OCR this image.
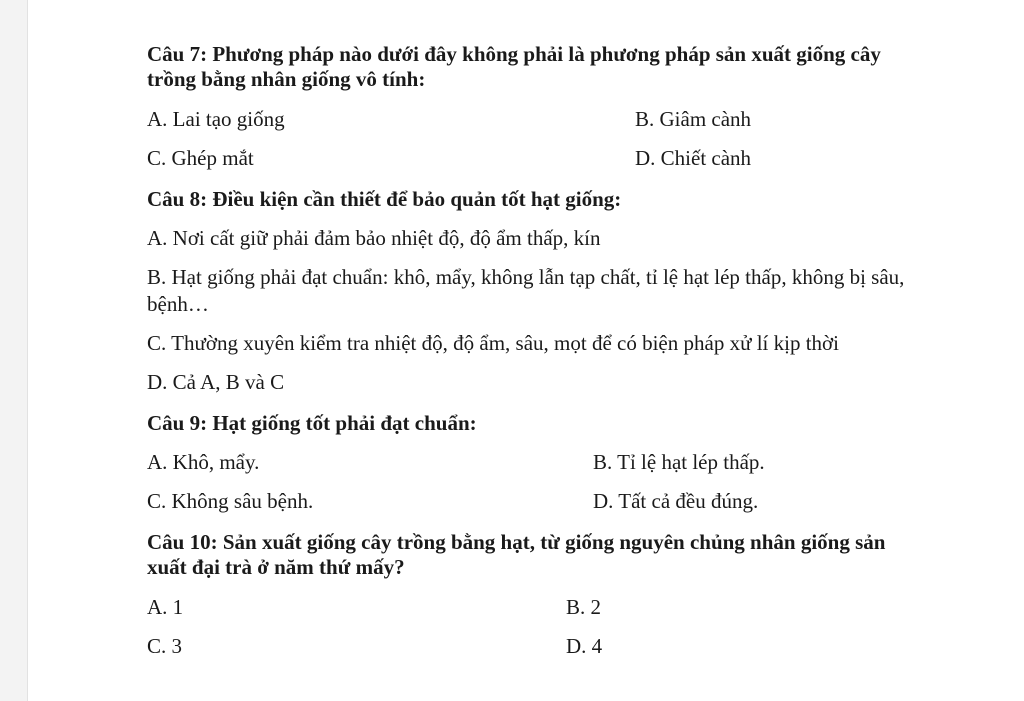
Câu 7: Phương pháp nào dưới đây không phải là phương pháp sản xuất giống cây trồng bằng nhân giống vô tính:

A. Lai tạo giống	B. Giâm cành

C. Ghép mắt	D. Chiết cành

Câu 8: Điều kiện cần thiết để bảo quản tốt hạt giống:

A. Nơi cất giữ phải đảm bảo nhiệt độ, độ ẩm thấp, kín

B. Hạt giống phải đạt chuẩn: khô, mẩy, không lẫn tạp chất, tỉ lệ hạt lép thấp, không bị sâu, bệnh…

C. Thường xuyên kiểm tra nhiệt độ, độ ẩm, sâu, mọt để có biện pháp xử lí kịp thời

D. Cả A, B và C

Câu 9: Hạt giống tốt phải đạt chuẩn:

A. Khô, mẩy.	B. Tỉ lệ hạt lép thấp.

C. Không sâu bệnh.	D. Tất cả đều đúng.

Câu 10: Sản xuất giống cây trồng bằng hạt, từ giống nguyên chủng nhân giống sản xuất đại trà ở năm thứ mấy?

A. 1	B. 2

C. 3	D. 4
